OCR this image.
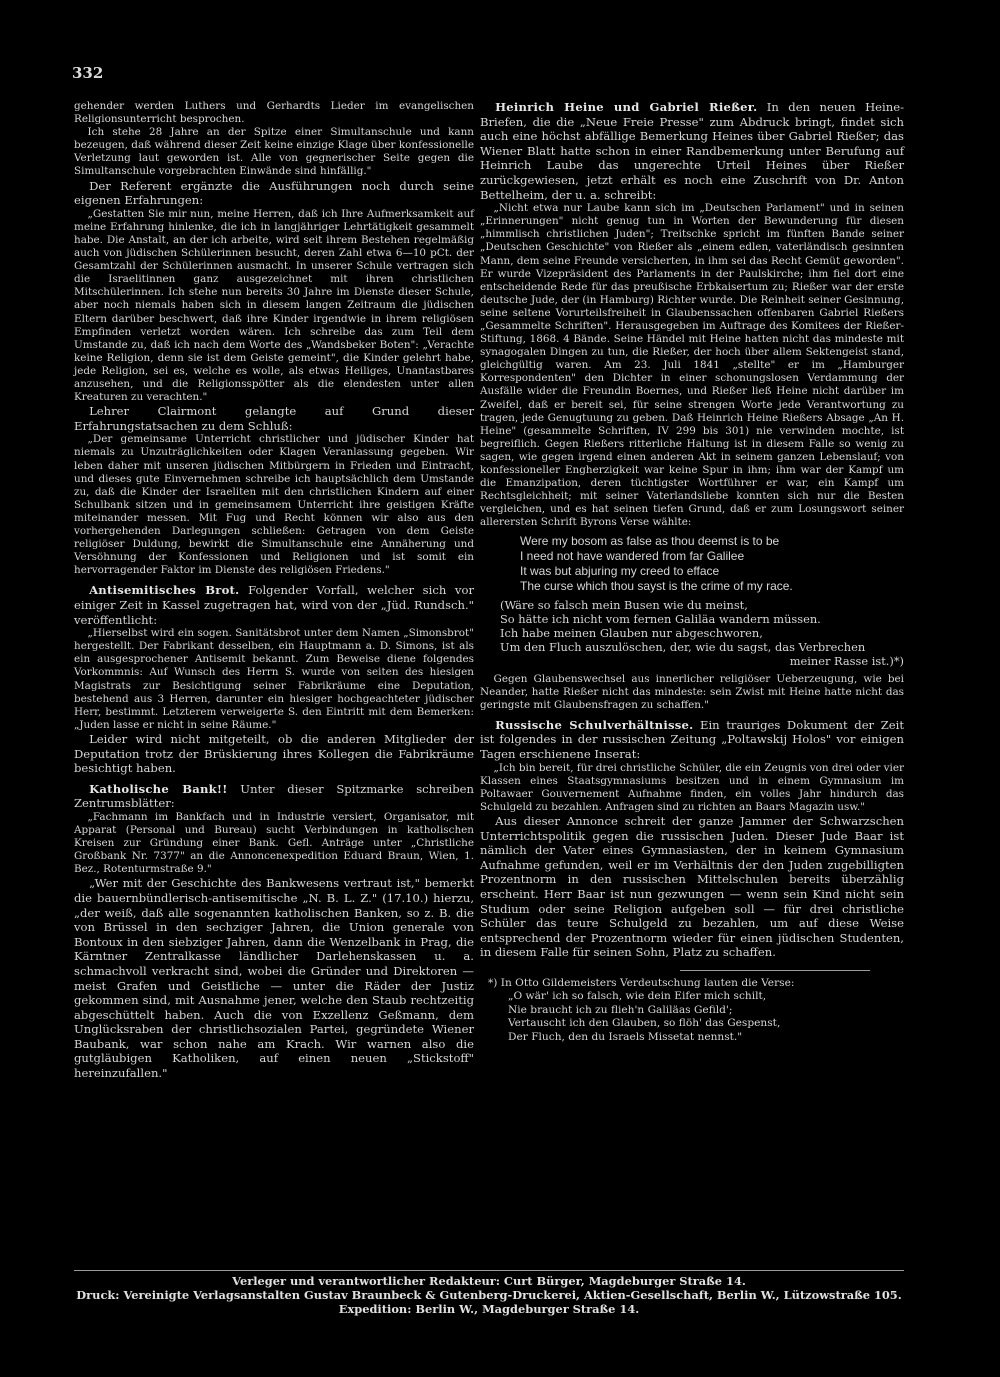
332

gehender werden Luthers und Gerhardts Lieder im evangelischen Religionsunterricht besprochen.

Ich stehe 28 Jahre an der Spitze einer Simultanschule und kann bezeugen, daß während dieser Zeit keine einzige Klage über konfessionelle Verletzung laut geworden ist. Alle von gegnerischer Seite gegen die Simultanschule vorgebrachten Einwände sind hinfällig."

Der Referent ergänzte die Ausführungen noch durch seine eigenen Erfahrungen:

„Gestatten Sie mir nun, meine Herren, daß ich Ihre Aufmerksamkeit auf meine Erfahrung hinlenke, die ich in langjähriger Lehrtätigkeit gesammelt habe. Die Anstalt, an der ich arbeite, wird seit ihrem Bestehen regelmäßig auch von jüdischen Schülerinnen besucht, deren Zahl etwa 6—10 pCt. der Gesamtzahl der Schülerinnen ausmacht. In unserer Schule vertragen sich die Israelitinnen ganz ausgezeichnet mit ihren christlichen Mitschülerinnen. Ich stehe nun bereits 30 Jahre im Dienste dieser Schule, aber noch niemals haben sich in diesem langen Zeitraum die jüdischen Eltern darüber beschwert, daß ihre Kinder irgendwie in ihrem religiösen Empfinden verletzt worden wären. Ich schreibe das zum Teil dem Umstande zu, daß ich nach dem Worte des „Wandsbeker Boten": „Verachte keine Religion, denn sie ist dem Geiste gemeint", die Kinder gelehrt habe, jede Religion, sei es, welche es wolle, als etwas Heiliges, Unantastbares anzusehen, und die Religionsspötter als die elendesten unter allen Kreaturen zu verachten."

Lehrer Clairmont gelangte auf Grund dieser Erfahrungstatsachen zu dem Schluß:

„Der gemeinsame Unterricht christlicher und jüdischer Kinder hat niemals zu Unzuträglichkeiten oder Klagen Veranlassung gegeben. Wir leben daher mit unseren jüdischen Mitbürgern in Frieden und Eintracht, und dieses gute Einvernehmen schreibe ich hauptsächlich dem Umstande zu, daß die Kinder der Israeliten mit den christlichen Kindern auf einer Schulbank sitzen und in gemeinsamem Unterricht ihre geistigen Kräfte miteinander messen. Mit Fug und Recht können wir also aus den vorhergehenden Darlegungen schließen: Getragen von dem Geiste religiöser Duldung, bewirkt die Simultanschule eine Annäherung und Versöhnung der Konfessionen und Religionen und ist somit ein hervorragender Faktor im Dienste des religiösen Friedens."

Antisemitisches Brot. Folgender Vorfall, welcher sich vor einiger Zeit in Kassel zugetragen hat, wird von der „Jüd. Rundsch." veröffentlicht:

„Hierselbst wird ein sogen. Sanitätsbrot unter dem Namen „Simonsbrot" hergestellt. Der Fabrikant desselben, ein Hauptmann a. D. Simons, ist als ein ausgesprochener Antisemit bekannt. Zum Beweise diene folgendes Vorkommnis: Auf Wunsch des Herrn S. wurde von seiten des hiesigen Magistrats zur Besichtigung seiner Fabrikräume eine Deputation, bestehend aus 3 Herren, darunter ein hiesiger hochgeachteter jüdischer Herr, bestimmt. Letzterem verweigerte S. den Eintritt mit dem Bemerken: „Juden lasse er nicht in seine Räume."

Leider wird nicht mitgeteilt, ob die anderen Mitglieder der Deputation trotz der Brüskierung ihres Kollegen die Fabrikräume besichtigt haben.

Katholische Bank!! Unter dieser Spitzmarke schreiben Zentrumsblätter:

„Fachmann im Bankfach und in Industrie versiert, Organisator, mit Apparat (Personal und Bureau) sucht Verbindungen in katholischen Kreisen zur Gründung einer Bank. Gefl. Anträge unter „Christliche Großbank Nr. 7377" an die Annoncenexpedition Eduard Braun, Wien, 1. Bez., Rotenturmstraße 9."

„Wer mit der Geschichte des Bankwesens vertraut ist," bemerkt die bauernbündlerisch-antisemitische „N. B. L. Z." (17.10.) hierzu, „der weiß, daß alle sogenannten katholischen Banken, so z. B. die von Brüssel in den sechziger Jahren, die Union generale von Bontoux in den siebziger Jahren, dann die Wenzelbank in Prag, die Kärntner Zentralkasse ländlicher Darlehenskassen u. a. schmachvoll verkracht sind, wobei die Gründer und Direktoren — meist Grafen und Geistliche — unter die Räder der Justiz gekommen sind, mit Ausnahme jener, welche den Staub rechtzeitig abgeschüttelt haben. Auch die von Exzellenz Geßmann, dem Unglücksraben der christlichsozialen Partei, gegründete Wiener Baubank, war schon nahe am Krach. Wir warnen also die gutgläubigen Katholiken, auf einen neuen „Stickstoff" hereinzufallen."

Heinrich Heine und Gabriel Rießer. In den neuen Heine-Briefen, die die „Neue Freie Presse" zum Abdruck bringt, findet sich auch eine höchst abfällige Bemerkung Heines über Gabriel Rießer; das Wiener Blatt hatte schon in einer Randbemerkung unter Berufung auf Heinrich Laube das ungerechte Urteil Heines über Rießer zurückgewiesen, jetzt erhält es noch eine Zuschrift von Dr. Anton Bettelheim, der u. a. schreibt:

„Nicht etwa nur Laube kann sich im „Deutschen Parlament" und in seinen „Erinnerungen" nicht genug tun in Worten der Bewunderung für diesen „himmlisch christlichen Juden"; Treitschke spricht im fünften Bande seiner „Deutschen Geschichte" von Rießer als „einem edlen, vaterländisch gesinnten Mann, dem seine Freunde versicherten, in ihm sei das Recht Gemüt geworden". Er wurde Vizepräsident des Parlaments in der Paulskirche; ihm fiel dort eine entscheidende Rede für das preußische Erbkaisertum zu; Rießer war der erste deutsche Jude, der (in Hamburg) Richter wurde. Die Reinheit seiner Gesinnung, seine seltene Vorurteilsfreiheit in Glaubenssachen offenbaren Gabriel Rießers „Gesammelte Schriften". Herausgegeben im Auftrage des Komitees der Rießer-Stiftung, 1868. 4 Bände. Seine Händel mit Heine hatten nicht das mindeste mit synagogalen Dingen zu tun, die Rießer, der hoch über allem Sektengeist stand, gleichgültig waren. Am 23. Juli 1841 „stellte" er im „Hamburger Korrespondenten" den Dichter in einer schonungslosen Verdammung der Ausfälle wider die Freundin Boernes, und Rießer ließ Heine nicht darüber im Zweifel, daß er bereit sei, für seine strengen Worte jede Verantwortung zu tragen, jede Genugtuung zu geben. Daß Heinrich Heine Rießers Absage „An H. Heine" (gesammelte Schriften, IV 299 bis 301) nie verwinden mochte, ist begreiflich. Gegen Rießers ritterliche Haltung ist in diesem Falle so wenig zu sagen, wie gegen irgend einen anderen Akt in seinem ganzen Lebenslauf; von konfessioneller Engherzigkeit war keine Spur in ihm; ihm war der Kampf um die Emanzipation, deren tüchtigster Wortführer er war, ein Kampf um Rechtsgleichheit; mit seiner Vaterlandsliebe konnten sich nur die Besten vergleichen, und es hat seinen tiefen Grund, daß er zum Losungswort seiner allerersten Schrift Byrons Verse wählte:

Were my bosom as false as thou deemst is to be
I need not have wandered from far Galilee
It was but abjuring my creed to efface
The curse which thou sayst is the crime of my race.
(Wäre so falsch mein Busen wie du meinst,
So hätte ich nicht vom fernen Galiläa wandern müssen.
Ich habe meinen Glauben nur abgeschworen,
Um den Fluch auszulöschen, der, wie du sagst, das Verbrechen
meiner Rasse ist.)*)

Gegen Glaubenswechsel aus innerlicher religiöser Ueberzeugung, wie bei Neander, hatte Rießer nicht das mindeste: sein Zwist mit Heine hatte nicht das geringste mit Glaubensfragen zu schaffen."

Russische Schulverhältnisse. Ein trauriges Dokument der Zeit ist folgendes in der russischen Zeitung „Poltawskij Holos" vor einigen Tagen erschienene Inserat:

„Ich bin bereit, für drei christliche Schüler, die ein Zeugnis von drei oder vier Klassen eines Staatsgymnasiums besitzen und in einem Gymnasium im Poltawaer Gouvernement Aufnahme finden, ein volles Jahr hindurch das Schulgeld zu bezahlen. Anfragen sind zu richten an Baars Magazin usw."

Aus dieser Annonce schreit der ganze Jammer der Schwarzschen Unterrichtspolitik gegen die russischen Juden. Dieser Jude Baar ist nämlich der Vater eines Gymnasiasten, der in keinem Gymnasium Aufnahme gefunden, weil er im Verhältnis der den Juden zugebilligten Prozentnorm in den russischen Mittelschulen bereits überzählig erscheint. Herr Baar ist nun gezwungen — wenn sein Kind nicht sein Studium oder seine Religion aufgeben soll — für drei christliche Schüler das teure Schulgeld zu bezahlen, um auf diese Weise entsprechend der Prozentnorm wieder für einen jüdischen Studenten, in diesem Falle für seinen Sohn, Platz zu schaffen.

*) In Otto Gildemeisters Verdeutschung lauten die Verse:
„O wär' ich so falsch, wie dein Eifer mich schilt,
Nie braucht ich zu flieh'n Galiläas Gefild';
Vertauscht ich den Glauben, so flöh' das Gespenst,
Der Fluch, den du Israels Missetat nennst."
Verleger und verantwortlicher Redakteur: Curt Bürger, Magdeburger Straße 14.
Druck: Vereinigte Verlagsanstalten Gustav Braunbeck & Gutenberg-Druckerei, Aktien-Gesellschaft, Berlin W., Lützowstraße 105.
Expedition: Berlin W., Magdeburger Straße 14.
